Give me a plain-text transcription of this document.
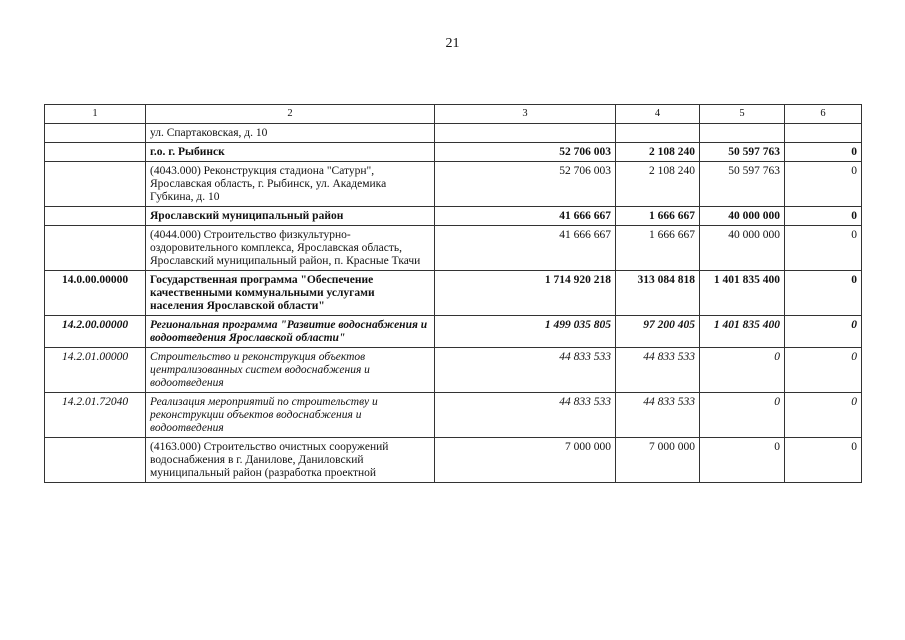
21
1	2	3	4	5	6
	ул. Спартаковская, д. 10				
	г.о. г. Рыбинск	52 706 003	2 108 240	50 597 763	0
	(4043.000) Реконструкция стадиона "Сатурн", Ярославская область, г. Рыбинск, ул. Академика Губкина, д. 10	52 706 003	2 108 240	50 597 763	0
	Ярославский муниципальный район	41 666 667	1 666 667	40 000 000	0
	(4044.000) Строительство физкультурно-оздоровительного комплекса, Ярославская область, Ярославский муниципальный район, п. Красные Ткачи	41 666 667	1 666 667	40 000 000	0
14.0.00.00000	Государственная программа "Обеспечение качественными коммунальными услугами населения Ярославской области"	1 714 920 218	313 084 818	1 401 835 400	0
14.2.00.00000	Региональная программа "Развитие водоснабжения и водоотведения Ярославской области"	1 499 035 805	97 200 405	1 401 835 400	0
14.2.01.00000	Строительство и реконструкция объектов централизованных систем водоснабжения и водоотведения	44 833 533	44 833 533	0	0
14.2.01.72040	Реализация мероприятий по строительству и реконструкции объектов водоснабжения и водоотведения	44 833 533	44 833 533	0	0
	(4163.000) Строительство очистных сооружений водоснабжения в г. Данилове, Даниловский муниципальный район (разработка проектной	7 000 000	7 000 000	0	0
